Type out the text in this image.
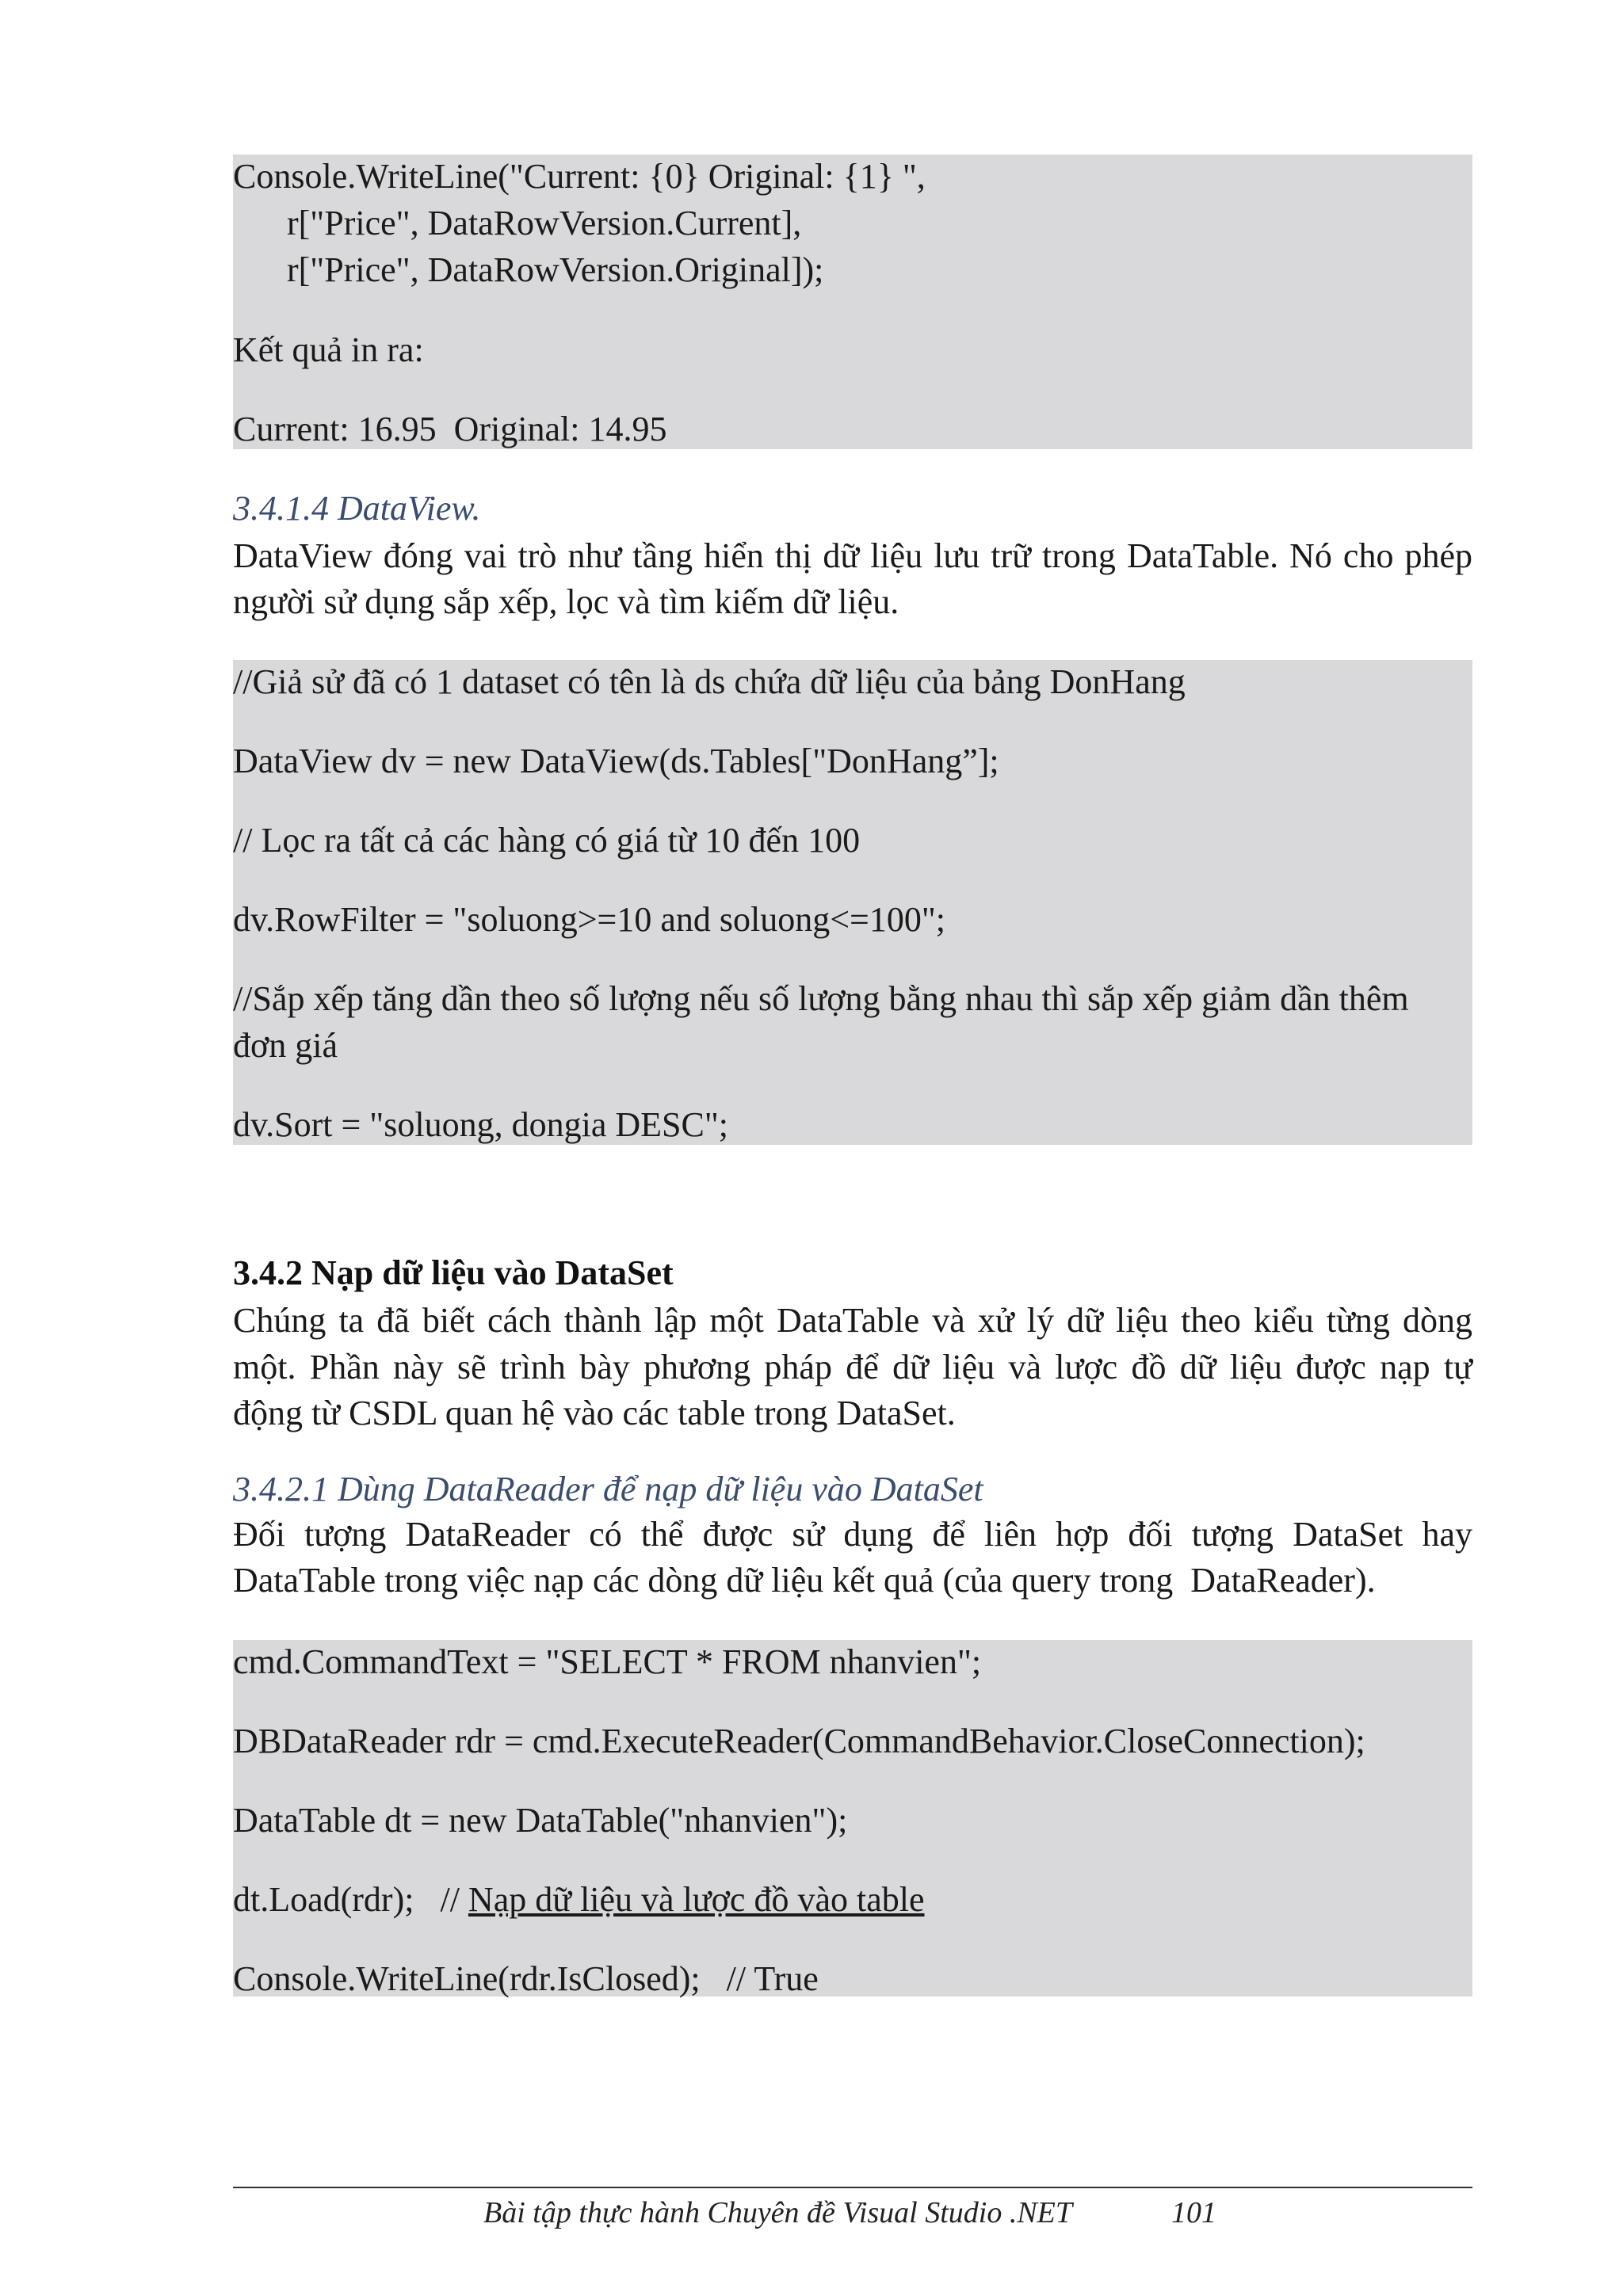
Console.WriteLine("Current: {0} Original: {1} ",
r["Price", DataRowVersion.Current],
r["Price", DataRowVersion.Original]);
Kết quả in ra:
Current: 16.95  Original: 14.95
3.4.1.4 DataView.
DataView đóng vai trò như tầng hiển thị dữ liệu lưu trữ trong DataTable. Nó cho phép
người sử dụng sắp xếp, lọc và tìm kiếm dữ liệu.
//Giả sử đã có 1 dataset có tên là ds chứa dữ liệu của bảng DonHang
DataView dv = new DataView(ds.Tables["DonHang”];
// Lọc ra tất cả các hàng có giá từ 10 đến 100
dv.RowFilter = "soluong>=10 and soluong<=100";
//Sắp xếp tăng dần theo số lượng nếu số lượng bằng nhau thì sắp xếp giảm dần thêm
đơn giá
dv.Sort = "soluong, dongia DESC";
3.4.2 Nạp dữ liệu vào DataSet
Chúng ta đã biết cách thành lập một DataTable và xử lý dữ liệu theo kiểu từng dòng
một. Phần này sẽ trình bày phương pháp để dữ liệu và lược đồ dữ liệu được nạp tự
động từ CSDL quan hệ vào các table trong DataSet.
3.4.2.1 Dùng DataReader để nạp dữ liệu vào DataSet
Đối tượng DataReader có thể được sử dụng để liên hợp đối tượng DataSet hay
DataTable trong việc nạp các dòng dữ liệu kết quả (của query trong  DataReader).
cmd.CommandText = "SELECT * FROM nhanvien";
DBDataReader rdr = cmd.ExecuteReader(CommandBehavior.CloseConnection);
DataTable dt = new DataTable("nhanvien");
dt.Load(rdr);   // Nạp dữ liệu và lược đồ vào table
Console.WriteLine(rdr.IsClosed);   // True
Bài tập thực hành Chuyên đề Visual Studio .NET	101
